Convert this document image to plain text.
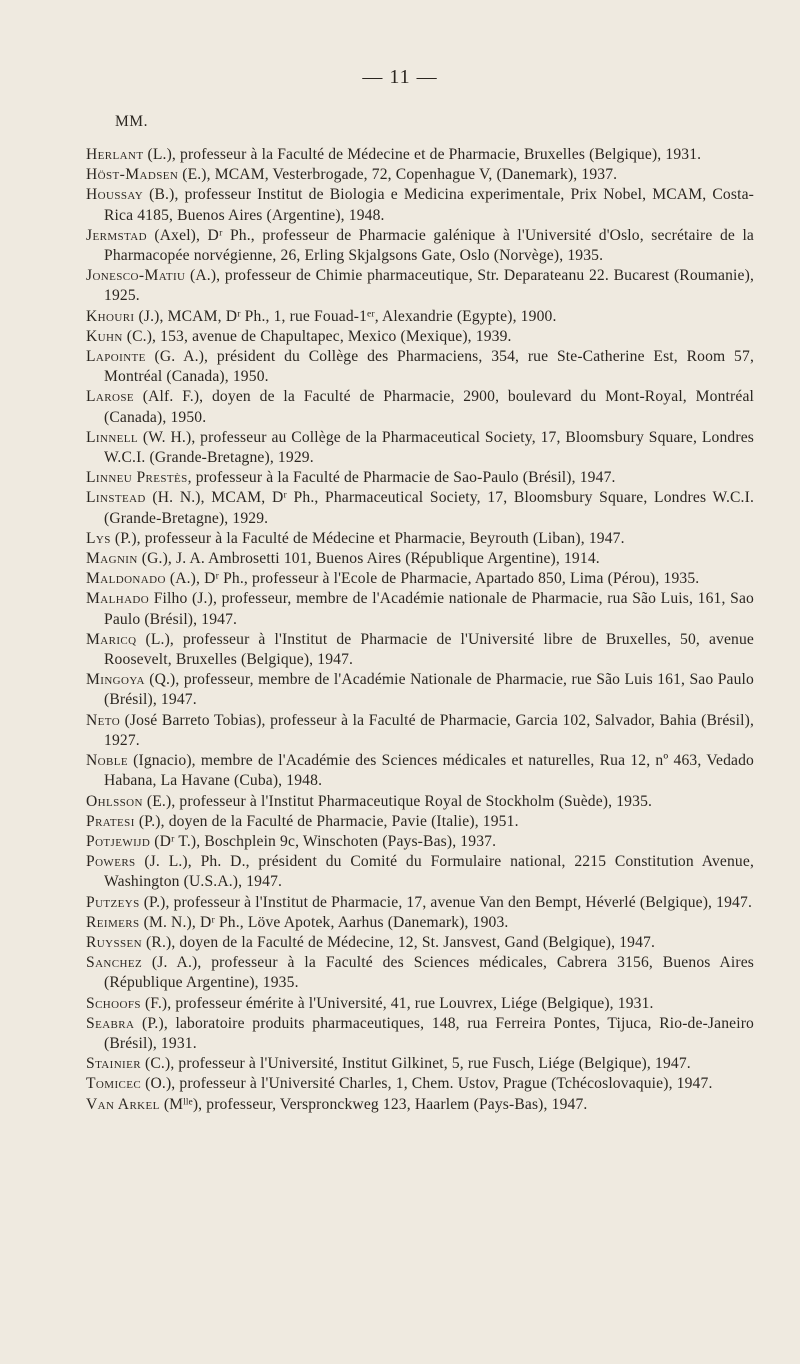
— 11 —
MM.
Herlant (L.), professeur à la Faculté de Médecine et de Pharmacie, Bruxelles (Belgique), 1931.
Höst-Madsen (E.), MCAM, Vesterbrogade, 72, Copenhague V, (Danemark), 1937.
Houssay (B.), professeur Institut de Biologia e Medicina experimentale, Prix Nobel, MCAM, Costa-Rica 4185, Buenos Aires (Argentine), 1948.
Jermstad (Axel), Dʳ Ph., professeur de Pharmacie galénique à l'Université d'Oslo, secrétaire de la Pharmacopée norvégienne, 26, Erling Skjalgsons Gate, Oslo (Norvège), 1935.
Jonesco-Matiu (A.), professeur de Chimie pharmaceutique, Str. Deparateanu 22. Bucarest (Roumanie), 1925.
Khouri (J.), MCAM, Dʳ Ph., 1, rue Fouad-1ᵉʳ, Alexandrie (Egypte), 1900.
Kuhn (C.), 153, avenue de Chapultapec, Mexico (Mexique), 1939.
Lapointe (G. A.), président du Collège des Pharmaciens, 354, rue Ste-Catherine Est, Room 57, Montréal (Canada), 1950.
Larose (Alf. F.), doyen de la Faculté de Pharmacie, 2900, boulevard du Mont-Royal, Montréal (Canada), 1950.
Linnell (W. H.), professeur au Collège de la Pharmaceutical Society, 17, Bloomsbury Square, Londres W.C.I. (Grande-Bretagne), 1929.
Linneu Prestès, professeur à la Faculté de Pharmacie de Sao-Paulo (Brésil), 1947.
Linstead (H. N.), MCAM, Dʳ Ph., Pharmaceutical Society, 17, Bloomsbury Square, Londres W.C.I. (Grande-Bretagne), 1929.
Lys (P.), professeur à la Faculté de Médecine et Pharmacie, Beyrouth (Liban), 1947.
Magnin (G.), J. A. Ambrosetti 101, Buenos Aires (République Argentine), 1914.
Maldonado (A.), Dʳ Ph., professeur à l'Ecole de Pharmacie, Apartado 850, Lima (Pérou), 1935.
Malhado Filho (J.), professeur, membre de l'Académie nationale de Pharmacie, rua São Luis, 161, Sao Paulo (Brésil), 1947.
Maricq (L.), professeur à l'Institut de Pharmacie de l'Université libre de Bruxelles, 50, avenue Roosevelt, Bruxelles (Belgique), 1947.
Mingoya (Q.), professeur, membre de l'Académie Nationale de Pharmacie, rue São Luis 161, Sao Paulo (Brésil), 1947.
Neto (José Barreto Tobias), professeur à la Faculté de Pharmacie, Garcia 102, Salvador, Bahia (Brésil), 1927.
Noble (Ignacio), membre de l'Académie des Sciences médicales et naturelles, Rua 12, nº 463, Vedado Habana, La Havane (Cuba), 1948.
Ohlsson (E.), professeur à l'Institut Pharmaceutique Royal de Stockholm (Suède), 1935.
Pratesi (P.), doyen de la Faculté de Pharmacie, Pavie (Italie), 1951.
Potjewijd (Dʳ T.), Boschplein 9c, Winschoten (Pays-Bas), 1937.
Powers (J. L.), Ph. D., président du Comité du Formulaire national, 2215 Constitution Avenue, Washington (U.S.A.), 1947.
Putzeys (P.), professeur à l'Institut de Pharmacie, 17, avenue Van den Bempt, Héverlé (Belgique), 1947.
Reimers (M. N.), Dʳ Ph., Löve Apotek, Aarhus (Danemark), 1903.
Ruyssen (R.), doyen de la Faculté de Médecine, 12, St. Jansvest, Gand (Belgique), 1947.
Sanchez (J. A.), professeur à la Faculté des Sciences médicales, Cabrera 3156, Buenos Aires (République Argentine), 1935.
Schoofs (F.), professeur émérite à l'Université, 41, rue Louvrex, Liége (Belgique), 1931.
Seabra (P.), laboratoire produits pharmaceutiques, 148, rua Ferreira Pontes, Tijuca, Rio-de-Janeiro (Brésil), 1931.
Stainier (C.), professeur à l'Université, Institut Gilkinet, 5, rue Fusch, Liége (Belgique), 1947.
Tomicec (O.), professeur à l'Université Charles, 1, Chem. Ustov, Prague (Tchécoslovaquie), 1947.
Van Arkel (Mˡˡᵉ), professeur, Verspronckweg 123, Haarlem (Pays-Bas), 1947.
